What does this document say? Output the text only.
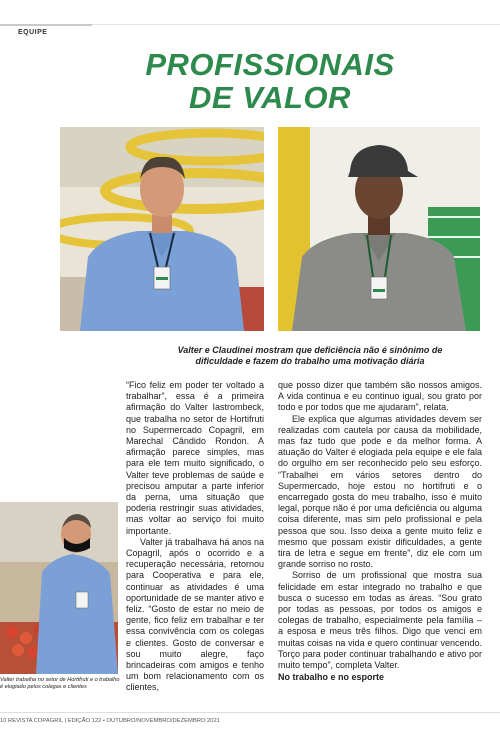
EQUIPE
PROFISSIONAIS
DE VALOR
Valter e Claudinei mostram que deficiência não é sinônimo de dificuldade e fazem do trabalho uma motivação diária
Valter trabalha no setor de Hortifruti e o trabalho é elogiado pelos colegas e clientes

“Fico feliz em poder ter voltado a trabalhar”, essa é a primeira afirmação do Valter Iastrombeck, que trabalha no setor de Hortifruti no Supermercado Copagril, em Marechal Cândido Rondon. A afirmação parece simples, mas para ele tem muito significado, o Valter teve problemas de saúde e precisou amputar a parte inferior da perna, uma situação que poderia restringir suas atividades, mas voltar ao serviço foi muito importante.

Valter já trabalhava há anos na Copagril, após o ocorrido e a recuperação necessária, retornou para Cooperativa e para ele, continuar as atividades é uma oportunidade de se manter ativo e feliz. “Gosto de estar no meio de gente, fico feliz em trabalhar e ter essa convivência com os colegas e clientes. Gosto de conversar e sou muito alegre, faço brincadeiras com amigos e tenho um bom relacionamento com os clientes,

que posso dizer que também são nossos amigos. A vida continua e eu continuo igual, sou grato por todo e por todos que me ajudaram”, relata.

Ele explica que algumas atividades devem ser realizadas com cautela por causa da mobilidade, mas faz tudo que pode e da melhor forma. A atuação do Valter é elogiada pela equipe e ele fala do orgulho em ser reconhecido pelo seu esforço. “Trabalhei em vários setores dentro do Supermercado, hoje estou no hortifruti e o encarregado gosta do meu trabalho, isso é muito legal, porque não é por uma deficiência ou alguma coisa diferente, mas sim pelo profissional e pela pessoa que sou. Isso deixa a gente muito feliz e mesmo que possam existir dificuldades, a gente tira de letra e segue em frente”, diz ele com um grande sorriso no rosto.

Sorriso de um profissional que mostra sua felicidade em estar integrado no trabalho e que busca o sucesso em todas as áreas. “Sou grato por todas as pessoas, por todos os amigos e colegas de trabalho, especialmente pela família – a esposa e meus três filhos. Digo que venci em muitas coisas na vida e quero continuar vencendo. Torço para poder continuar trabalhando e ativo por muito tempo”, completa Valter.

No trabalho e no esporte
10 REVISTA COPAGRIL | EDIÇÃO 122 • OUTUBRO/NOVEMBRO/DEZEMBRO 2021
